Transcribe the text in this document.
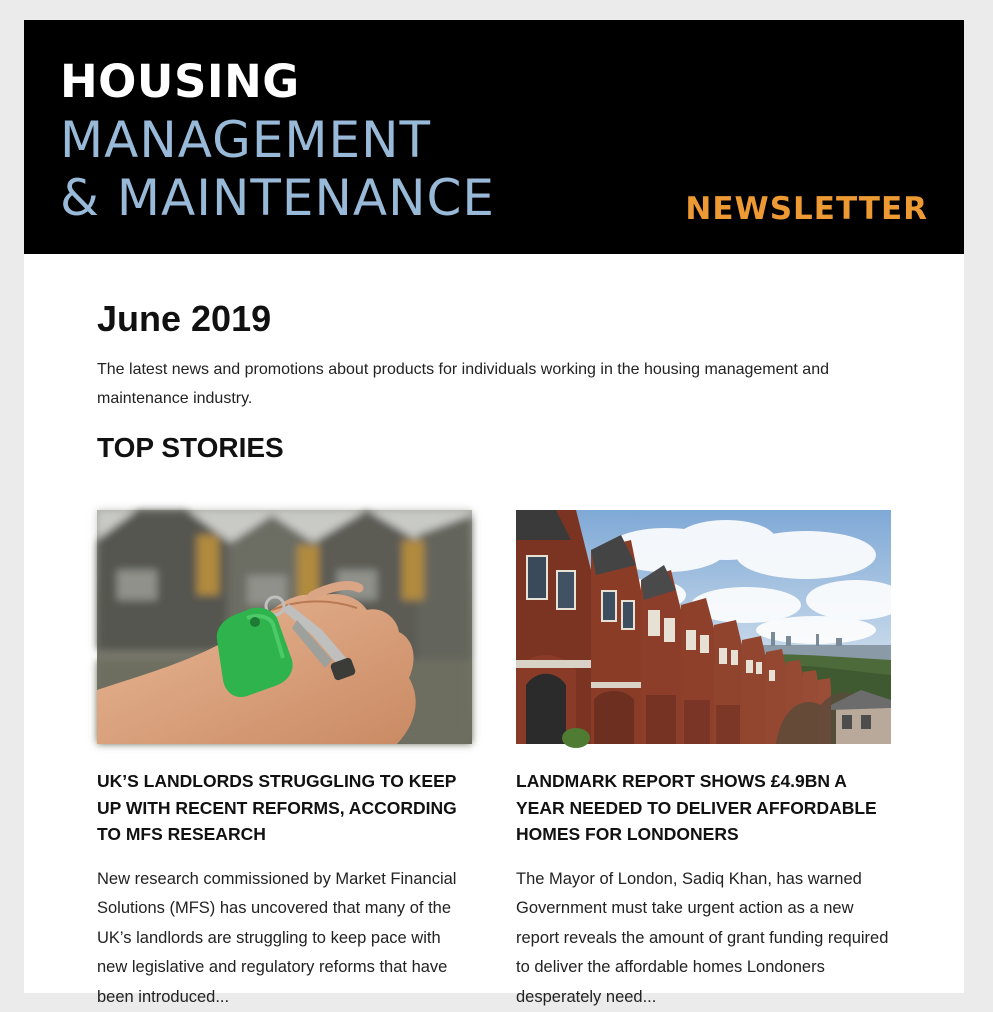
HOUSING
MANAGEMENT
& MAINTENANCE	NEWSLETTER
June 2019

The latest news and promotions about products for individuals working in the housing management and maintenance industry.

TOP STORIES
UK’S LANDLORDS STRUGGLING TO KEEP UP WITH RECENT REFORMS, ACCORDING TO MFS RESEARCH

New research commissioned by Market Financial Solutions (MFS) has uncovered that many of the UK’s landlords are struggling to keep pace with new legislative and regulatory reforms that have been introduced...

LANDMARK REPORT SHOWS £4.9BN A YEAR NEEDED TO DELIVER AFFORDABLE HOMES FOR LONDONERS

The Mayor of London, Sadiq Khan, has warned Government must take urgent action as a new report reveals the amount of grant funding required to deliver the affordable homes Londoners desperately need...
